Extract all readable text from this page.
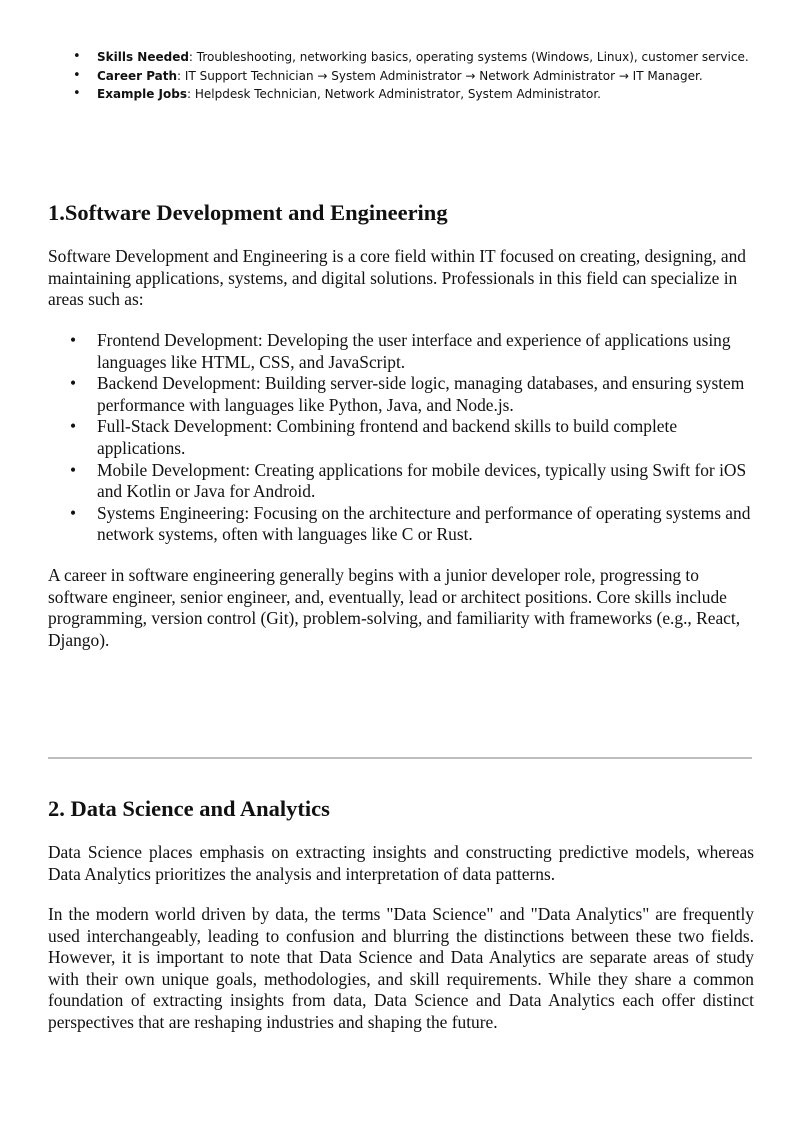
• Skills Needed: Troubleshooting, networking basics, operating systems (Windows, Linux), customer service.
• Career Path: IT Support Technician → System Administrator → Network Administrator → IT Manager.
• Example Jobs: Helpdesk Technician, Network Administrator, System Administrator.
1.Software Development and Engineering

Software Development and Engineering is a core field within IT focused on creating, designing, and maintaining applications, systems, and digital solutions. Professionals in this field can specialize in areas such as:

• Frontend Development: Developing the user interface and experience of applications using languages like HTML, CSS, and JavaScript.
• Backend Development: Building server-side logic, managing databases, and ensuring system performance with languages like Python, Java, and Node.js.
• Full-Stack Development: Combining frontend and backend skills to build complete applications.
• Mobile Development: Creating applications for mobile devices, typically using Swift for iOS and Kotlin or Java for Android.
• Systems Engineering: Focusing on the architecture and performance of operating systems and network systems, often with languages like C or Rust.

A career in software engineering generally begins with a junior developer role, progressing to software engineer, senior engineer, and, eventually, lead or architect positions. Core skills include programming, version control (Git), problem-solving, and familiarity with frameworks (e.g., React, Django).

2. Data Science and Analytics

Data Science places emphasis on extracting insights and constructing predictive models, whereas Data Analytics prioritizes the analysis and interpretation of data patterns.

In the modern world driven by data, the terms "Data Science" and "Data Analytics" are frequently used interchangeably, leading to confusion and blurring the distinctions between these two fields. However, it is important to note that Data Science and Data Analytics are separate areas of study with their own unique goals, methodologies, and skill requirements. While they share a common foundation of extracting insights from data, Data Science and Data Analytics each offer distinct perspectives that are reshaping industries and shaping the future.
